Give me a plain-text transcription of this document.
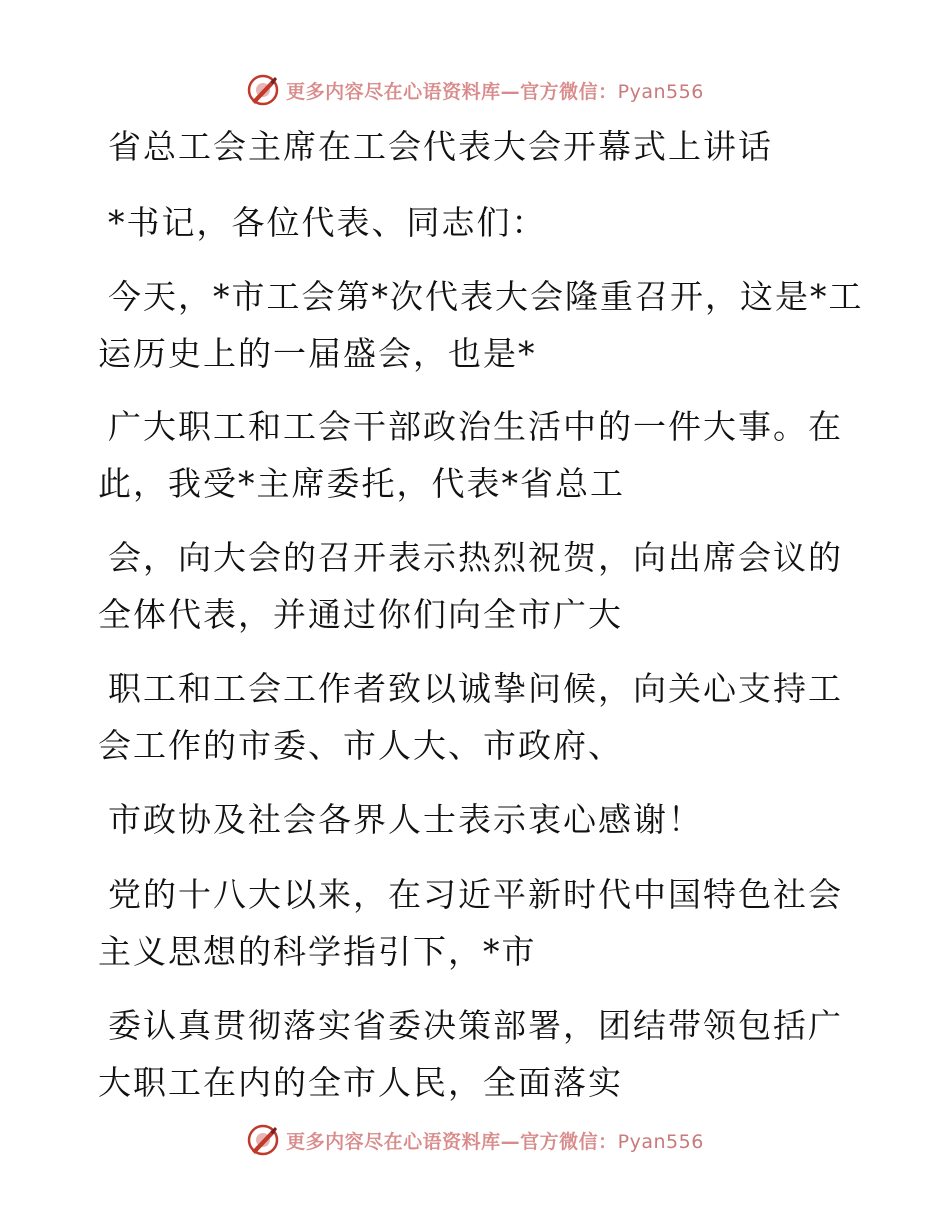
更多内容尽在心语资料库—官方微信：Pyan556
省总工会主席在工会代表大会开幕式上讲话
*书记，各位代表、同志们：
今天，*市工会第*次代表大会隆重召开，这是*工
运历史上的一届盛会，也是*
广大职工和工会干部政治生活中的一件大事。在
此，我受*主席委托，代表*省总工
会，向大会的召开表示热烈祝贺，向出席会议的
全体代表，并通过你们向全市广大
职工和工会工作者致以诚挚问候，向关心支持工
会工作的市委、市人大、市政府、
市政协及社会各界人士表示衷心感谢！
党的十八大以来，在习近平新时代中国特色社会
主义思想的科学指引下，*市
委认真贯彻落实省委决策部署，团结带领包括广
大职工在内的全市人民，全面落实
更多内容尽在心语资料库—官方微信：Pyan556
